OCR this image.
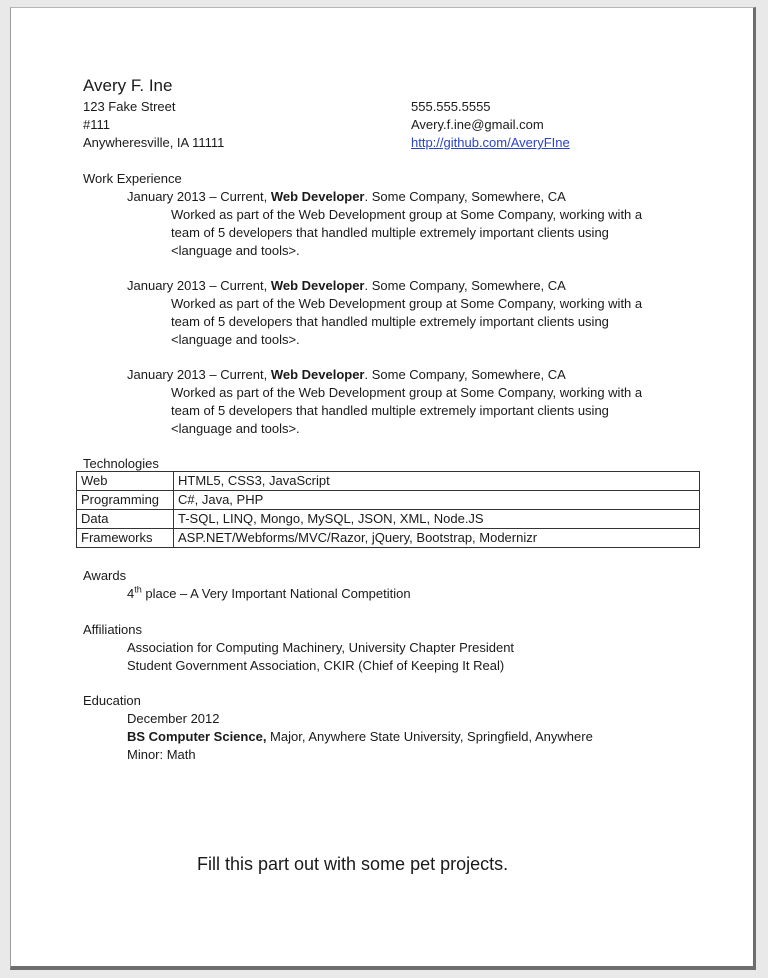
Avery F. Ine
123 Fake Street
#111
Anywheresville, IA 11111
555.555.5555
Avery.f.ine@gmail.com
http://github.com/AveryFIne
Work Experience
January 2013 – Current, Web Developer. Some Company, Somewhere, CA
Worked as part of the Web Development group at Some Company, working with a
team of 5 developers that handled multiple extremely important clients using
<language and tools>.
January 2013 – Current, Web Developer. Some Company, Somewhere, CA
Worked as part of the Web Development group at Some Company, working with a
team of 5 developers that handled multiple extremely important clients using
<language and tools>.
January 2013 – Current, Web Developer. Some Company, Somewhere, CA
Worked as part of the Web Development group at Some Company, working with a
team of 5 developers that handled multiple extremely important clients using
<language and tools>.
Technologies
Web	HTML5, CSS3, JavaScript
Programming	C#, Java, PHP
Data	T-SQL, LINQ, Mongo, MySQL, JSON, XML, Node.JS
Frameworks	ASP.NET/Webforms/MVC/Razor, jQuery, Bootstrap, Modernizr
Awards
4th place – A Very Important National Competition
Affiliations
Association for Computing Machinery, University Chapter President
Student Government Association, CKIR (Chief of Keeping It Real)
Education
December 2012
BS Computer Science, Major, Anywhere State University, Springfield, Anywhere
Minor: Math
Fill this part out with some pet projects.
